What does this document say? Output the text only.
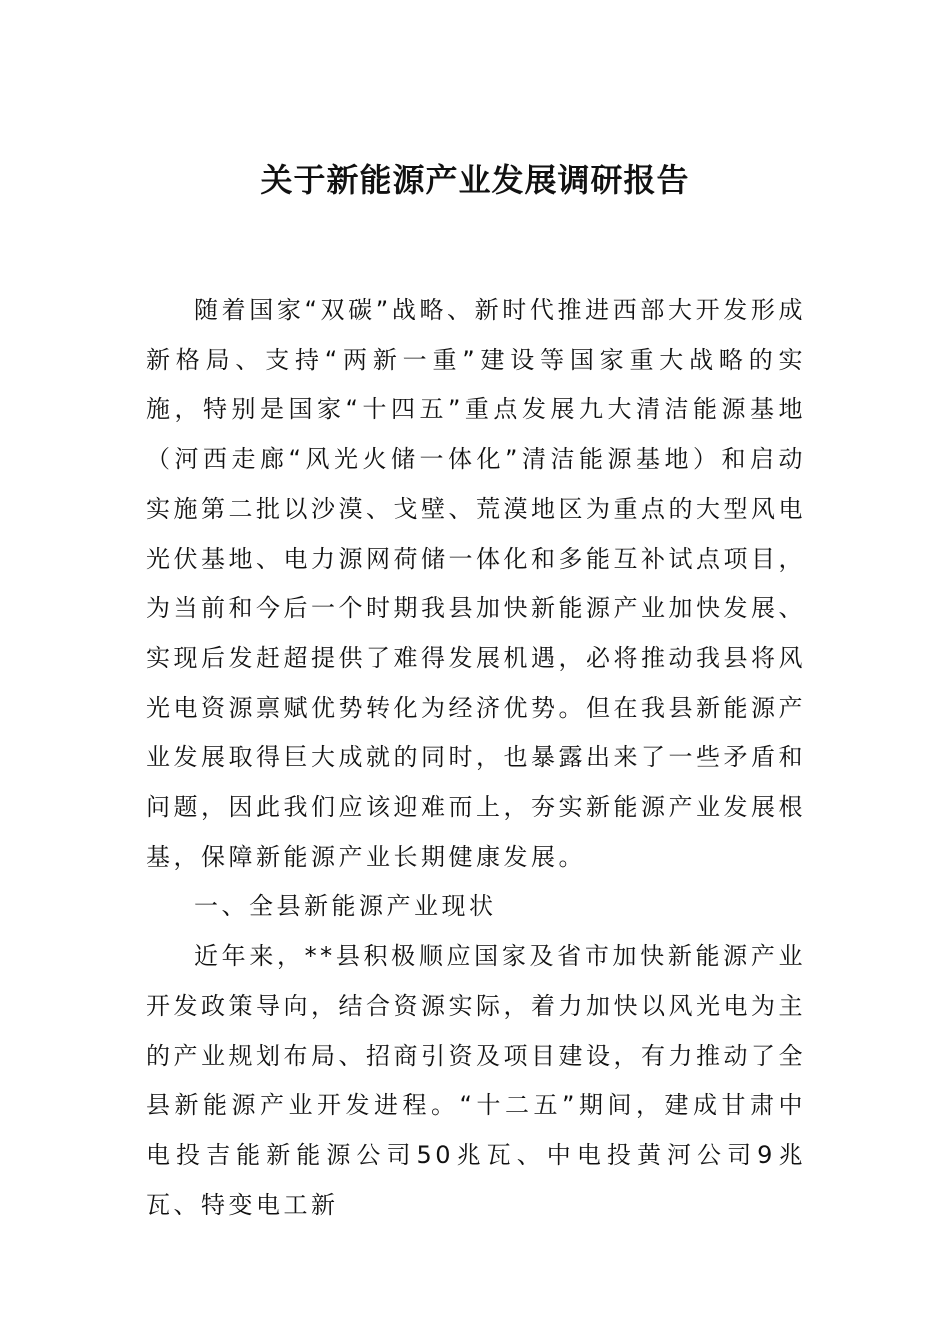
关于新能源产业发展调研报告

随着国家“双碳”战略、新时代推进西部大开发形成新格局、支持“两新一重”建设等国家重大战略的实施，特别是国家“十四五”重点发展九大清洁能源基地（河西走廊“风光火储一体化”清洁能源基地）和启动实施第二批以沙漠、戈壁、荒漠地区为重点的大型风电光伏基地、电力源网荷储一体化和多能互补试点项目，为当前和今后一个时期我县加快新能源产业加快发展、实现后发赶超提供了难得发展机遇，必将推动我县将风光电资源禀赋优势转化为经济优势。但在我县新能源产业发展取得巨大成就的同时，也暴露出来了一些矛盾和问题，因此我们应该迎难而上，夯实新能源产业发展根基，保障新能源产业长期健康发展。

一、全县新能源产业现状

近年来，**县积极顺应国家及省市加快新能源产业开发政策导向，结合资源实际，着力加快以风光电为主的产业规划布局、招商引资及项目建设，有力推动了全县新能源产业开发进程。“十二五”期间，建成甘肃中电投吉能新能源公司50兆瓦、中电投黄河公司9兆瓦、特变电工新
